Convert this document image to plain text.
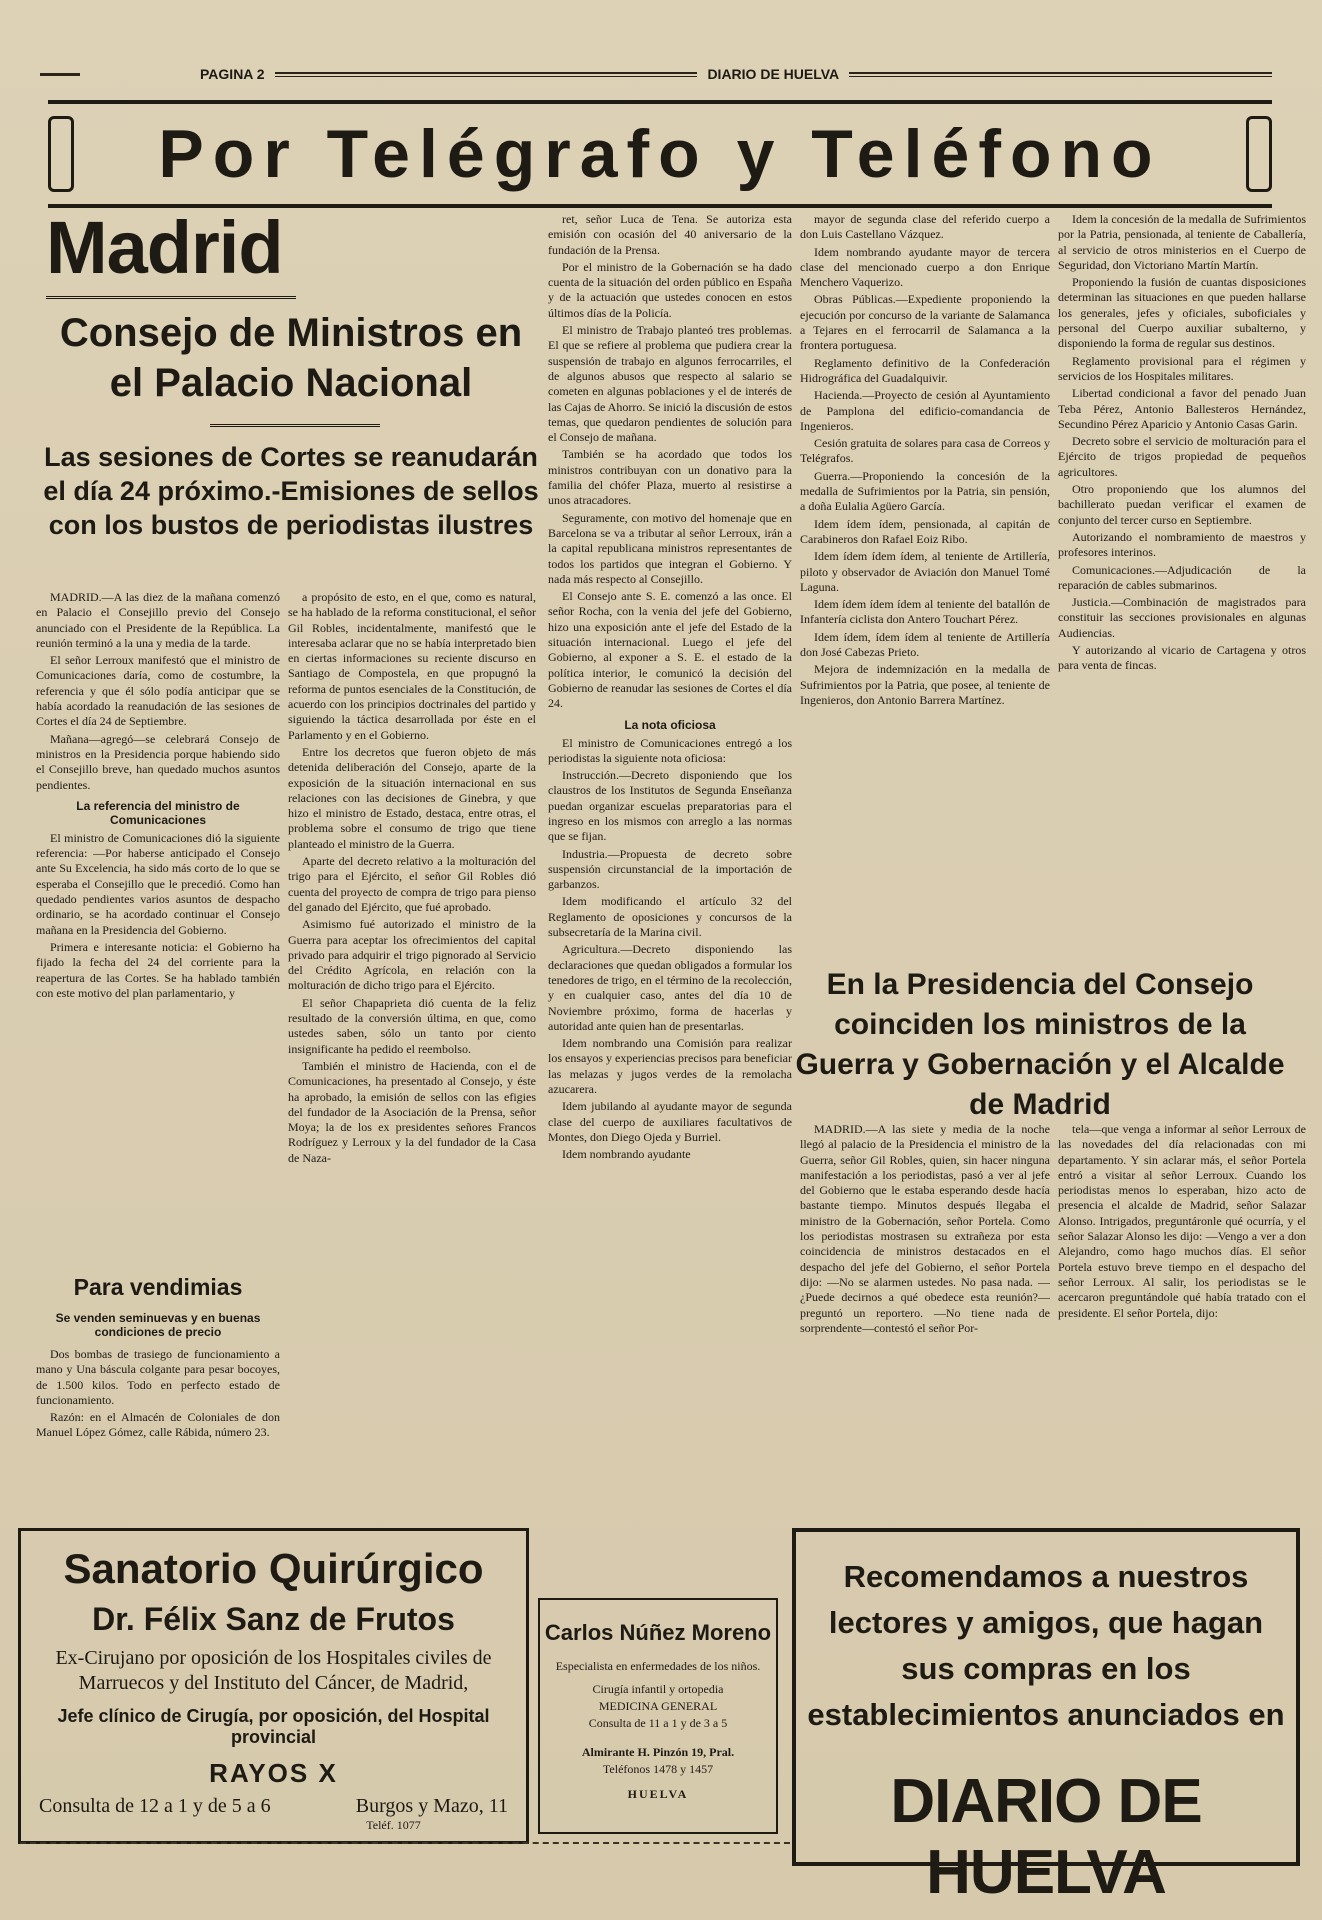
PAGINA 2	DIARIO DE HUELVA
Por Telégrafo y Teléfono
Madrid
Consejo de Ministros en el Palacio Nacional
Las sesiones de Cortes se reanudarán el día 24 próximo.-Emisiones de sellos con los bustos de periodistas ilustres

MADRID.—A las diez de la mañana comenzó en Palacio el Consejillo previo del Consejo anunciado con el Presidente de la República. La reunión terminó a la una y media de la tarde.

El señor Lerroux manifestó que el ministro de Comunicaciones daría, como de costumbre, la referencia y que él sólo podía anticipar que se había acordado la reanudación de las sesiones de Cortes el día 24 de Septiembre.

Mañana—agregó—se celebrará Consejo de ministros en la Presidencia porque habiendo sido el Consejillo breve, han quedado muchos asuntos pendientes.

La referencia del ministro de Comunicaciones

El ministro de Comunicaciones dió la siguiente referencia: —Por haberse anticipado el Consejo ante Su Excelencia, ha sido más corto de lo que se esperaba el Consejillo que le precedió. Como han quedado pendientes varios asuntos de despacho ordinario, se ha acordado continuar el Consejo mañana en la Presidencia del Gobierno.

Primera e interesante noticia: el Gobierno ha fijado la fecha del 24 del corriente para la reapertura de las Cortes. Se ha hablado también con este motivo del plan parlamentario, y

a propósito de esto, en el que, como es natural, se ha hablado de la reforma constitucional, el señor Gil Robles, incidentalmente, manifestó que le interesaba aclarar que no se había interpretado bien en ciertas informaciones su reciente discurso en Santiago de Compostela, en que propugnó la reforma de puntos esenciales de la Constitución, de acuerdo con los principios doctrinales del partido y siguiendo la táctica desarrollada por éste en el Parlamento y en el Gobierno.

Entre los decretos que fueron objeto de más detenida deliberación del Consejo, aparte de la exposición de la situación internacional en sus relaciones con las decisiones de Ginebra, y que hizo el ministro de Estado, destaca, entre otras, el problema sobre el consumo de trigo que tiene planteado el ministro de la Guerra.

Aparte del decreto relativo a la molturación del trigo para el Ejército, el señor Gil Robles dió cuenta del proyecto de compra de trigo para pienso del ganado del Ejército, que fué aprobado.

Asimismo fué autorizado el ministro de la Guerra para aceptar los ofrecimientos del capital privado para adquirir el trigo pignorado al Servicio del Crédito Agrícola, en relación con la molturación de dicho trigo para el Ejército.

El señor Chapaprieta dió cuenta de la feliz resultado de la conversión última, en que, como ustedes saben, sólo un tanto por ciento insignificante ha pedido el reembolso.

También el ministro de Hacienda, con el de Comunicaciones, ha presentado al Consejo, y éste ha aprobado, la emisión de sellos con las efigies del fundador de la Asociación de la Prensa, señor Moya; la de los ex presidentes señores Francos Rodríguez y Lerroux y la del fundador de la Casa de Naza-

ret, señor Luca de Tena. Se autoriza esta emisión con ocasión del 40 aniversario de la fundación de la Prensa.

Por el ministro de la Gobernación se ha dado cuenta de la situación del orden público en España y de la actuación que ustedes conocen en estos últimos días de la Policía.

El ministro de Trabajo planteó tres problemas. El que se refiere al problema que pudiera crear la suspensión de trabajo en algunos ferrocarriles, el de algunos abusos que respecto al salario se cometen en algunas poblaciones y el de interés de las Cajas de Ahorro. Se inició la discusión de estos temas, que quedaron pendientes de solución para el Consejo de mañana.

También se ha acordado que todos los ministros contribuyan con un donativo para la familia del chófer Plaza, muerto al resistirse a unos atracadores.

Seguramente, con motivo del homenaje que en Barcelona se va a tributar al señor Lerroux, irán a la capital republicana ministros representantes de todos los partidos que integran el Gobierno. Y nada más respecto al Consejillo.

El Consejo ante S. E. comenzó a las once. El señor Rocha, con la venia del jefe del Gobierno, hizo una exposición ante el jefe del Estado de la situación internacional. Luego el jefe del Gobierno, al exponer a S. E. el estado de la política interior, le comunicó la decisión del Gobierno de reanudar las sesiones de Cortes el día 24.

La nota oficiosa

El ministro de Comunicaciones entregó a los periodistas la siguiente nota oficiosa:

Instrucción.—Decreto disponiendo que los claustros de los Institutos de Segunda Enseñanza puedan organizar escuelas preparatorias para el ingreso en los mismos con arreglo a las normas que se fijan.

Industria.—Propuesta de decreto sobre suspensión circunstancial de la importación de garbanzos.

Idem modificando el artículo 32 del Reglamento de oposiciones y concursos de la subsecretaría de la Marina civil.

Agricultura.—Decreto disponiendo las declaraciones que quedan obligados a formular los tenedores de trigo, en el término de la recolección, y en cualquier caso, antes del día 10 de Noviembre próximo, forma de hacerlas y autoridad ante quien han de presentarlas.

Idem nombrando una Comisión para realizar los ensayos y experiencias precisos para beneficiar las melazas y jugos verdes de la remolacha azucarera.

Idem jubilando al ayudante mayor de segunda clase del cuerpo de auxiliares facultativos de Montes, don Diego Ojeda y Burriel.

Idem nombrando ayudante

mayor de segunda clase del referido cuerpo a don Luis Castellano Vázquez.

Idem nombrando ayudante mayor de tercera clase del mencionado cuerpo a don Enrique Menchero Vaquerizo.

Obras Públicas.—Expediente proponiendo la ejecución por concurso de la variante de Salamanca a Tejares en el ferrocarril de Salamanca a la frontera portuguesa.

Reglamento definitivo de la Confederación Hidrográfica del Guadalquivir.

Hacienda.—Proyecto de cesión al Ayuntamiento de Pamplona del edificio-comandancia de Ingenieros.

Cesión gratuita de solares para casa de Correos y Telégrafos.

Guerra.—Proponiendo la concesión de la medalla de Sufrimientos por la Patria, sin pensión, a doña Eulalia Agüero García.

Idem ídem ídem, pensionada, al capitán de Carabineros don Rafael Eoiz Ribo.

Idem ídem ídem ídem, al teniente de Artillería, piloto y observador de Aviación don Manuel Tomé Laguna.

Idem ídem ídem ídem al teniente del batallón de Infantería ciclista don Antero Touchart Pérez.

Idem ídem, ídem ídem al teniente de Artillería don José Cabezas Prieto.

Mejora de indemnización en la medalla de Sufrimientos por la Patria, que posee, al teniente de Ingenieros, don Antonio Barrera Martínez.

Idem la concesión de la medalla de Sufrimientos por la Patria, pensionada, al teniente de Caballería, al servicio de otros ministerios en el Cuerpo de Seguridad, don Victoriano Martín Martín.

Proponiendo la fusión de cuantas disposiciones determinan las situaciones en que pueden hallarse los generales, jefes y oficiales, suboficiales y personal del Cuerpo auxiliar subalterno, y disponiendo la forma de regular sus destinos.

Reglamento provisional para el régimen y servicios de los Hospitales militares.

Libertad condicional a favor del penado Juan Teba Pérez, Antonio Ballesteros Hernández, Secundino Pérez Aparicio y Antonio Casas Garin.

Decreto sobre el servicio de molturación para el Ejército de trigos propiedad de pequeños agricultores.

Otro proponiendo que los alumnos del bachillerato puedan verificar el examen de conjunto del tercer curso en Septiembre.

Autorizando el nombramiento de maestros y profesores interinos.

Comunicaciones.—Adjudicación de la reparación de cables submarinos.

Justicia.—Combinación de magistrados para constituir las secciones provisionales en algunas Audiencias.

Y autorizando al vicario de Cartagena y otros para venta de fincas.

En la Presidencia del Consejo coinciden los ministros de la Guerra y Gobernación y el Alcalde de Madrid

MADRID.—A las siete y media de la noche llegó al palacio de la Presidencia el ministro de la Guerra, señor Gil Robles, quien, sin hacer ninguna manifestación a los periodistas, pasó a ver al jefe del Gobierno que le estaba esperando desde hacía bastante tiempo. Minutos después llegaba el ministro de la Gobernación, señor Portela. Como los periodistas mostrasen su extrañeza por esta coincidencia de ministros destacados en el despacho del jefe del Gobierno, el señor Portela dijo: —No se alarmen ustedes. No pasa nada. —¿Puede decirnos a qué obedece esta reunión?—preguntó un reportero. —No tiene nada de sorprendente—contestó el señor Por-

tela—que venga a informar al señor Lerroux de las novedades del día relacionadas con mi departamento. Y sin aclarar más, el señor Portela entró a visitar al señor Lerroux. Cuando los periodistas menos lo esperaban, hizo acto de presencia el alcalde de Madrid, señor Salazar Alonso. Intrigados, preguntáronle qué ocurría, y el señor Salazar Alonso les dijo: —Vengo a ver a don Alejandro, como hago muchos días. El señor Portela estuvo breve tiempo en el despacho del señor Lerroux. Al salir, los periodistas se le acercaron preguntándole qué había tratado con el presidente. El señor Portela, dijo:

Para vendimias
Se venden seminuevas y en buenas condiciones de precio

Dos bombas de trasiego de funcionamiento a mano y Una báscula colgante para pesar bocoyes, de 1.500 kilos. Todo en perfecto estado de funcionamiento.

Razón: en el Almacén de Coloniales de don Manuel López Gómez, calle Rábida, número 23.

Sanatorio Quirúrgico
Dr. Félix Sanz de Frutos
Ex-Cirujano por oposición de los Hospitales civiles de Marruecos y del Instituto del Cáncer, de Madrid,
Jefe clínico de Cirugía, por oposición, del Hospital provincial
RAYOS X
Consulta de 12 a 1 y de 5 a 6	Burgos y Mazo, 11
Teléf. 1077
Carlos Núñez Moreno
Especialista en enfermedades de los niños.
Cirugía infantil y ortopedia
MEDICINA GENERAL
Consulta de 11 a 1 y de 3 a 5
Almirante H. Pinzón 19, Pral.
Teléfonos 1478 y 1457
HUELVA
Recomendamos a nuestros lectores y amigos, que hagan sus compras en los establecimientos anunciados en
DIARIO DE HUELVA
